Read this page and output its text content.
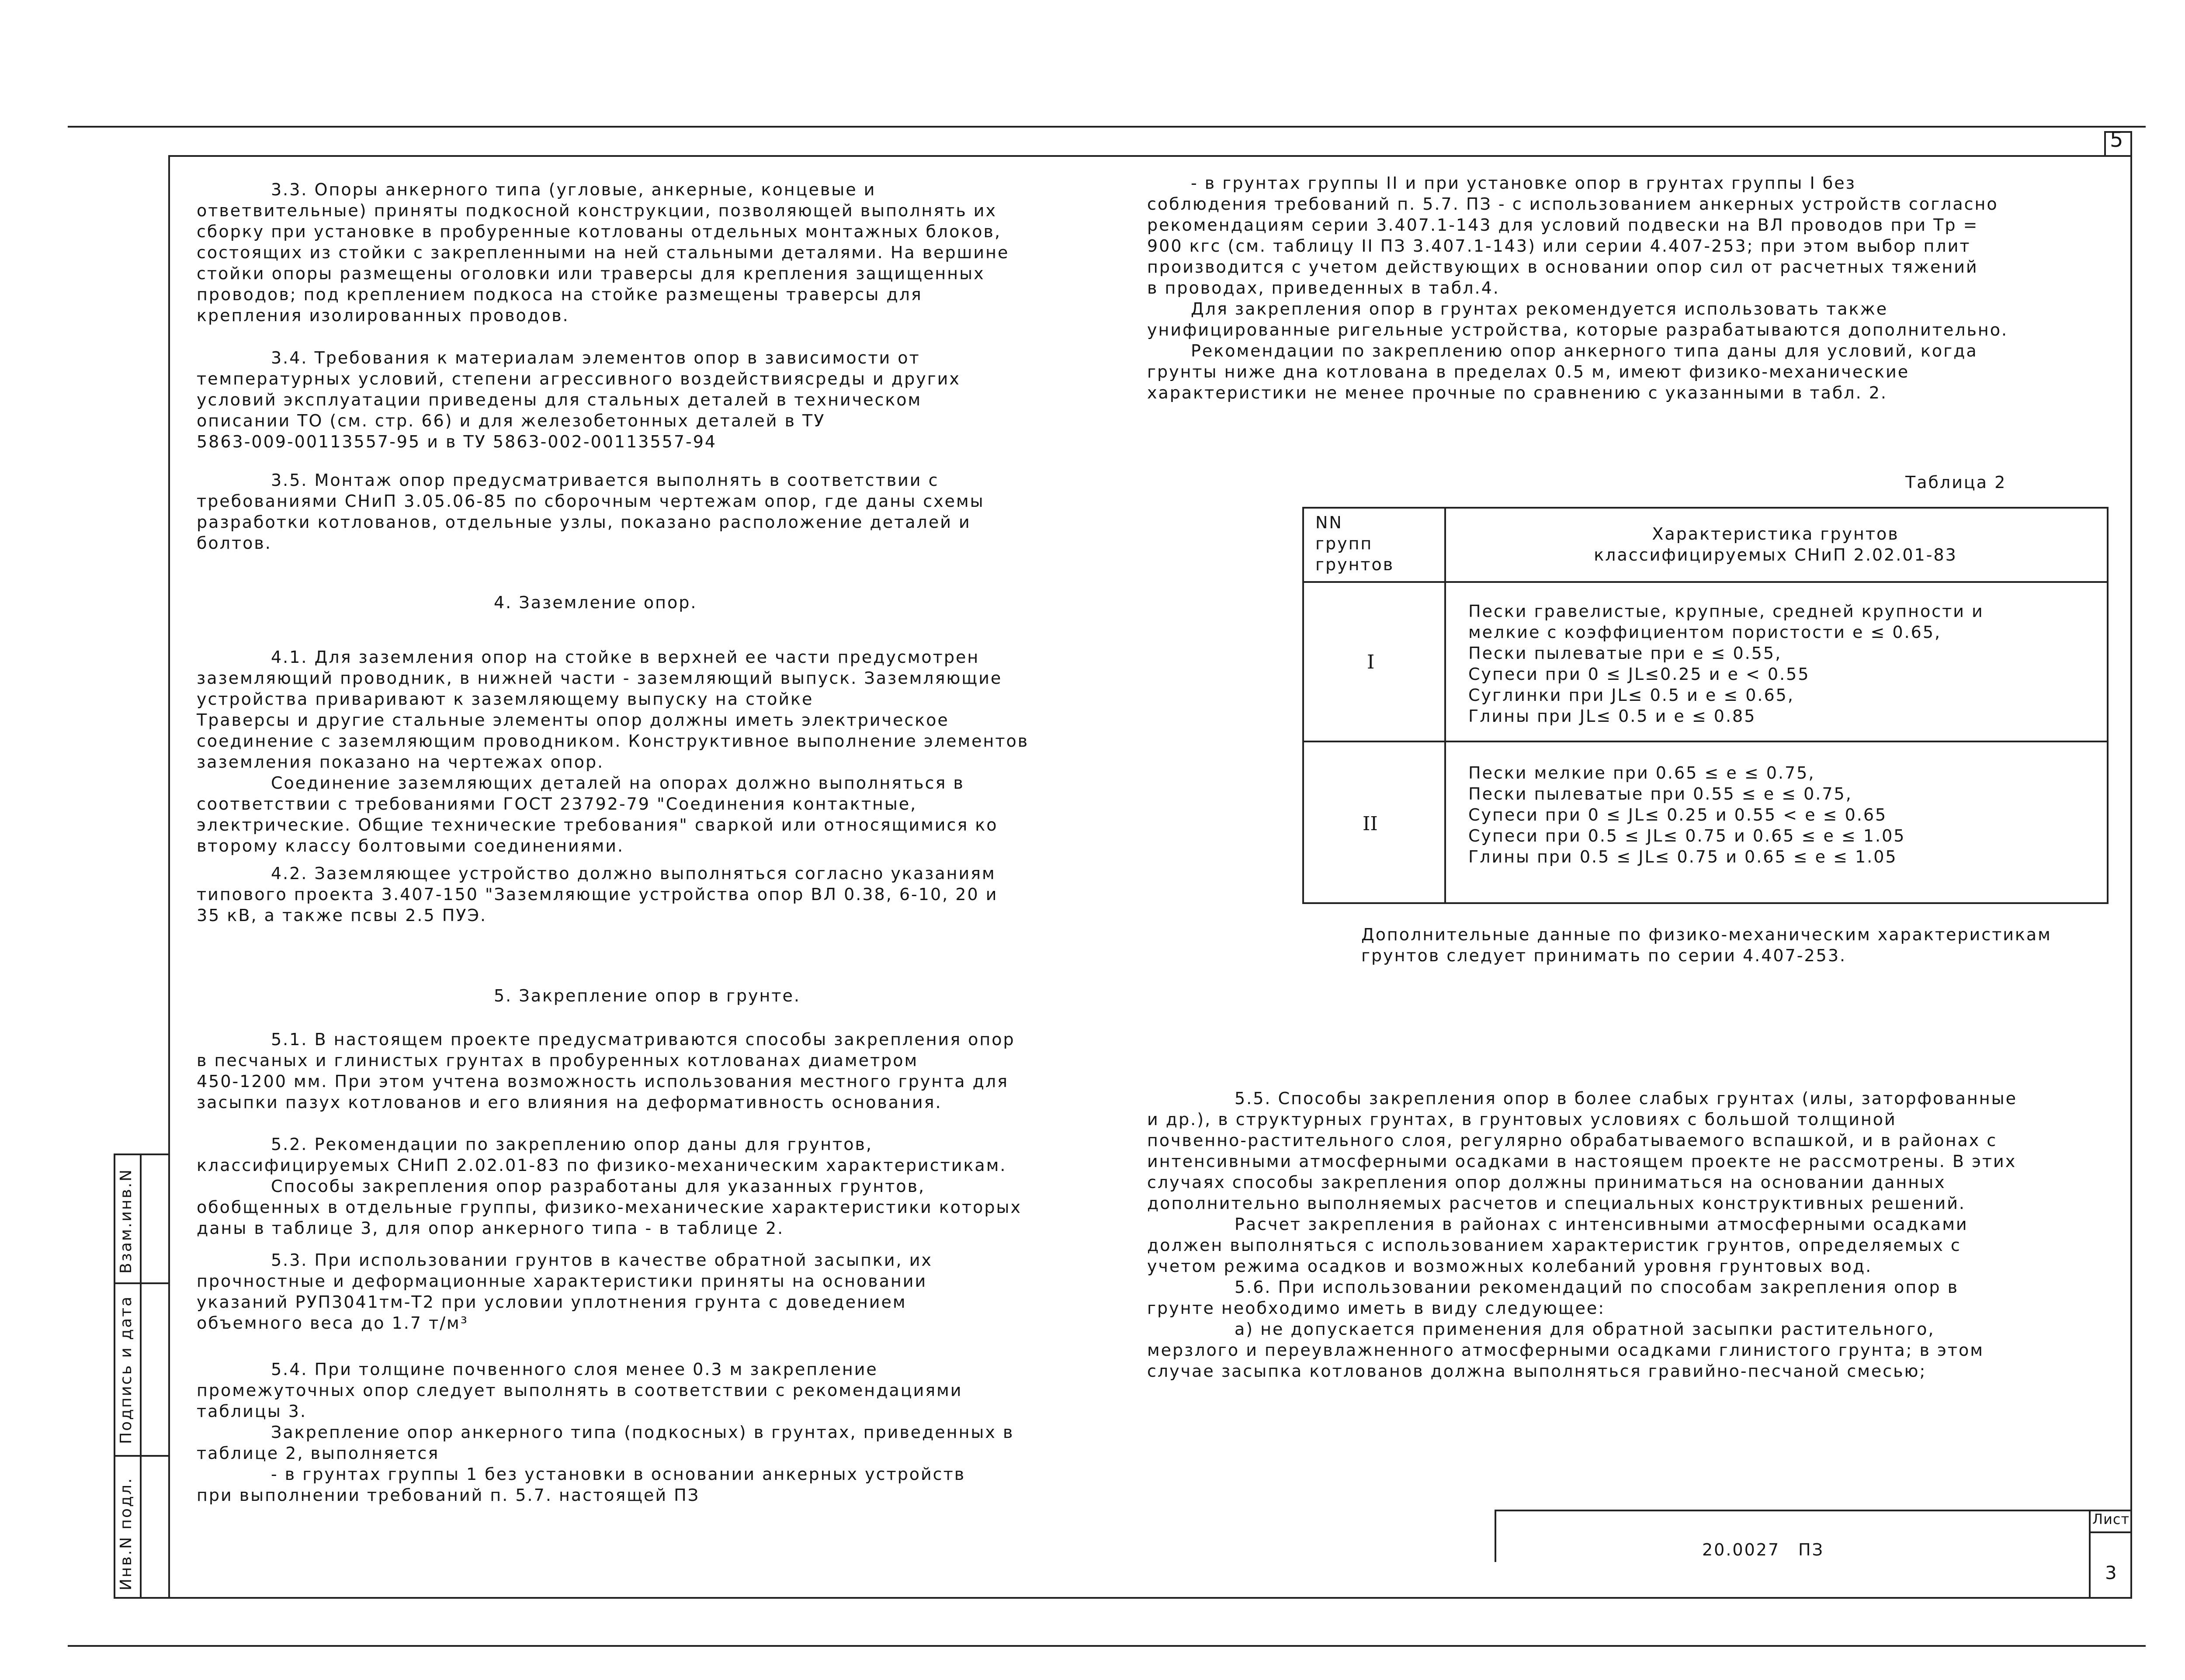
5
Инв.N подл.
Подпись и дата
Взам.инв.N
3.3. Опоры анкерного типа (угловые, анкерные, концевые и
ответвительные) приняты подкосной конструкции, позволяющей выполнять их
сборку при установке в пробуренные котлованы отдельных монтажных блоков,
состоящих из стойки с закрепленными на ней стальными деталями. На вершине
стойки опоры размещены оголовки или траверсы для крепления защищенных
проводов; под креплением подкоса на стойке размещены траверсы для
крепления изолированных проводов.
3.4. Требования к материалам элементов опор в зависимости от
температурных условий, степени агрессивного воздействиясреды и других
условий эксплуатации приведены для стальных деталей в техническом
описании ТО (см. стр. 66) и для железобетонных деталей в ТУ
5863-009-00113557-95 и в ТУ 5863-002-00113557-94
3.5. Монтаж опор предусматривается выполнять в соответствии с
требованиями СНиП 3.05.06-85 по сборочным чертежам опор, где даны схемы
разработки котлованов, отдельные узлы, показано расположение деталей и
болтов.
4. Заземление опор.
4.1. Для заземления опор на стойке в верхней ее части предусмотрен
заземляющий проводник, в нижней части - заземляющий выпуск. Заземляющие
устройства приваривают к заземляющему выпуску на стойке
Траверсы и другие стальные элементы опор должны иметь электрическое
соединение с заземляющим проводником. Конструктивное выполнение элементов
заземления показано на чертежах опор.
Соединение заземляющих деталей на опорах должно выполняться в
соответствии с требованиями ГОСТ 23792-79 "Соединения контактные,
электрические. Общие технические требования" сваркой или относящимися ко
второму классу болтовыми соединениями.
4.2. Заземляющее устройство должно выполняться согласно указаниям
типового проекта 3.407-150 "Заземляющие устройства опор ВЛ 0.38, 6-10, 20 и
35 кВ, а также псвы 2.5 ПУЭ.
5. Закрепление опор в грунте.
5.1. В настоящем проекте предусматриваются способы закрепления опор
в песчаных и глинистых грунтах в пробуренных котлованах диаметром
450-1200 мм. При этом учтена возможность использования местного грунта для
засыпки пазух котлованов и его влияния на деформативность основания.
5.2. Рекомендации по закреплению опор даны для грунтов,
классифицируемых СНиП 2.02.01-83 по физико-механическим характеристикам.
Способы закрепления опор разработаны для указанных грунтов,
обобщенных в отдельные группы, физико-механические характеристики которых
даны в таблице 3, для опор анкерного типа - в таблице 2.
5.3. При использовании грунтов в качестве обратной засыпки, их
прочностные и деформационные характеристики приняты на основании
указаний РУП3041тм-Т2 при условии уплотнения грунта с доведением
объемного веса до 1.7 т/м³
5.4. При толщине почвенного слоя менее 0.3 м закрепление
промежуточных опор следует выполнять в соответствии с рекомендациями
таблицы 3.
Закрепление опор анкерного типа (подкосных) в грунтах, приведенных в
таблице 2, выполняется
- в грунтах группы 1 без установки в основании анкерных устройств
при выполнении требований п. 5.7. настоящей ПЗ
- в грунтах группы II и при установке опор в грунтах группы I без
соблюдения требований п. 5.7. ПЗ - с использованием анкерных устройств согласно
рекомендациям серии 3.407.1-143 для условий подвески на ВЛ проводов при Тр =
900 кгс (см. таблицу II ПЗ 3.407.1-143) или серии 4.407-253; при этом выбор плит
производится с учетом действующих в основании опор сил от расчетных тяжений
в проводах, приведенных в табл.4.
Для закрепления опор в грунтах рекомендуется использовать также
унифицированные ригельные устройства, которые разрабатываются дополнительно.
Рекомендации по закреплению опор анкерного типа даны для условий, когда
грунты ниже дна котлована в пределах 0.5 м, имеют физико-механические
характеристики не менее прочные по сравнению с указанными в табл. 2.
5.5. Способы закрепления опор в более слабых грунтах (илы, заторфованные
и др.), в структурных грунтах, в грунтовых условиях с большой толщиной
почвенно-растительного слоя, регулярно обрабатываемого вспашкой, и в районах с
интенсивными атмосферными осадками в настоящем проекте не рассмотрены. В этих
случаях способы закрепления опор должны приниматься на основании данных
дополнительно выполняемых расчетов и специальных конструктивных решений.
Расчет закрепления в районах с интенсивными атмосферными осадками
должен выполняться с использованием характеристик грунтов, определяемых с
учетом режима осадков и возможных колебаний уровня грунтовых вод.
5.6. При использовании рекомендаций по способам закрепления опор в
грунте необходимо иметь в виду следующее:
а) не допускается применения для обратной засыпки растительного,
мерзлого и переувлажненного атмосферными осадками глинистого грунта; в этом
случае засыпка котлованов должна выполняться гравийно-песчаной смесью;
Таблица 2
NN
групп
грунтов
Характеристика грунтов
классифицируемых СНиП 2.02.01-83
I
Пески гравелистые, крупные, средней крупности и
мелкие с коэффициентом пористости е ≤ 0.65,
Пески пылеватые при е ≤ 0.55,
Супеси при 0 ≤ JL≤0.25 и е < 0.55
Суглинки при JL≤ 0.5 и е ≤ 0.65,
Глины при JL≤ 0.5 и е ≤ 0.85
II
Пески мелкие при 0.65 ≤ е ≤ 0.75,
Пески пылеватые при 0.55 ≤ е ≤ 0.75,
Супеси при 0 ≤ JL≤ 0.25 и 0.55 < е ≤ 0.65
Супеси при 0.5 ≤ JL≤ 0.75 и 0.65 ≤ е ≤ 1.05
Глины при 0.5 ≤ JL≤ 0.75 и 0.65 ≤ е ≤ 1.05
Дополнительные данные по физико-механическим характеристикам
грунтов следует принимать по серии 4.407-253.
20.0027 ПЗ
Лист
3
